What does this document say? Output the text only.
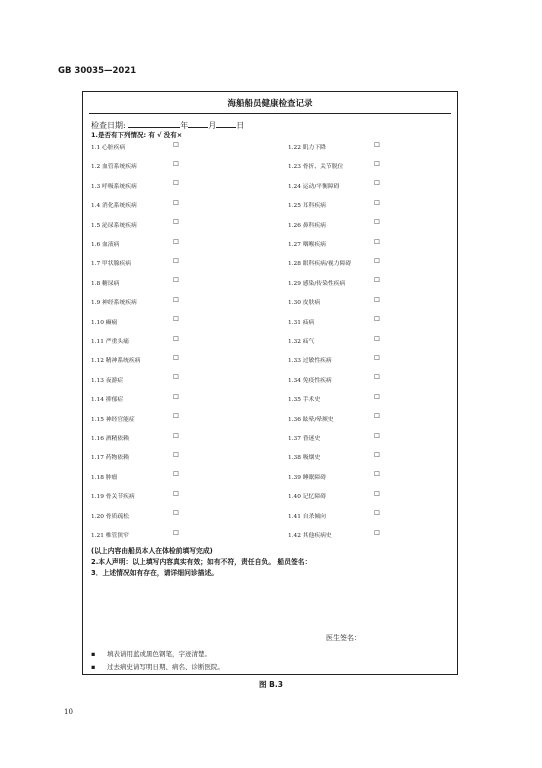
GB 30035—2021
海船船员健康检查记录
检查日期:	年	月	日
1.是否有下列情况: 有 √ 没有×
1.1 心脏疾病	☐
1.2 血管系统疾病	☐
1.3 呼吸系统疾病	☐
1.4 消化系统疾病	☐
1.5 泌尿系统疾病	☐
1.6 血液病	☐
1.7 甲状腺疾病	☐
1.8 糖尿病	☐
1.9 神经系统疾病	☐
1.10 癫痫	☐
1.11 严重头痛	☐
1.12 精神系统疾病	☐
1.13 夜游症	☐
1.14 抑郁症	☐
1.15 神经官能症	☐
1.16 酒精依赖	☐
1.17 药物依赖	☐
1.18 肿瘤	☐
1.19 骨关节疾病	☐
1.20 骨质疏松	☐
1.21 椎管狭窄	☐
1.22 肌力下降	☐
1.23 骨折、关节脱位	☐
1.24 运动/平衡障碍	☐
1.25 耳科疾病	☐
1.26 鼻科疾病	☐
1.27 咽喉疾病	☐
1.28 眼科疾病/视力障碍	☐
1.29 感染/传染性疾病	☐
1.30 皮肤病	☐
1.31 疝病	☐
1.32 疝气	☐
1.33 过敏性疾病	☐
1.34 免疫性疾病	☐
1.35 手术史	☐
1.36 眩晕/晕厥史	☐
1.37 昏迷史	☐
1.38 吸烟史	☐
1.39 睡眠障碍	☐
1.40 记忆障碍	☐
1.41 自杀倾向	☐
1.42 其他疾病史	☐
(以上内容由船员本人在体检前填写完成)
2.本人声明：以上填写内容真实有效；如有不符，责任自负。 船员签名：
3．上述情况如有存在，请详细问诊描述。
医生签名：
▪ 填表请用蓝或黑色钢笔，字迹清楚。
▪ 过去病史请写明日期、病名、诊断医院。
图 B.3
10
